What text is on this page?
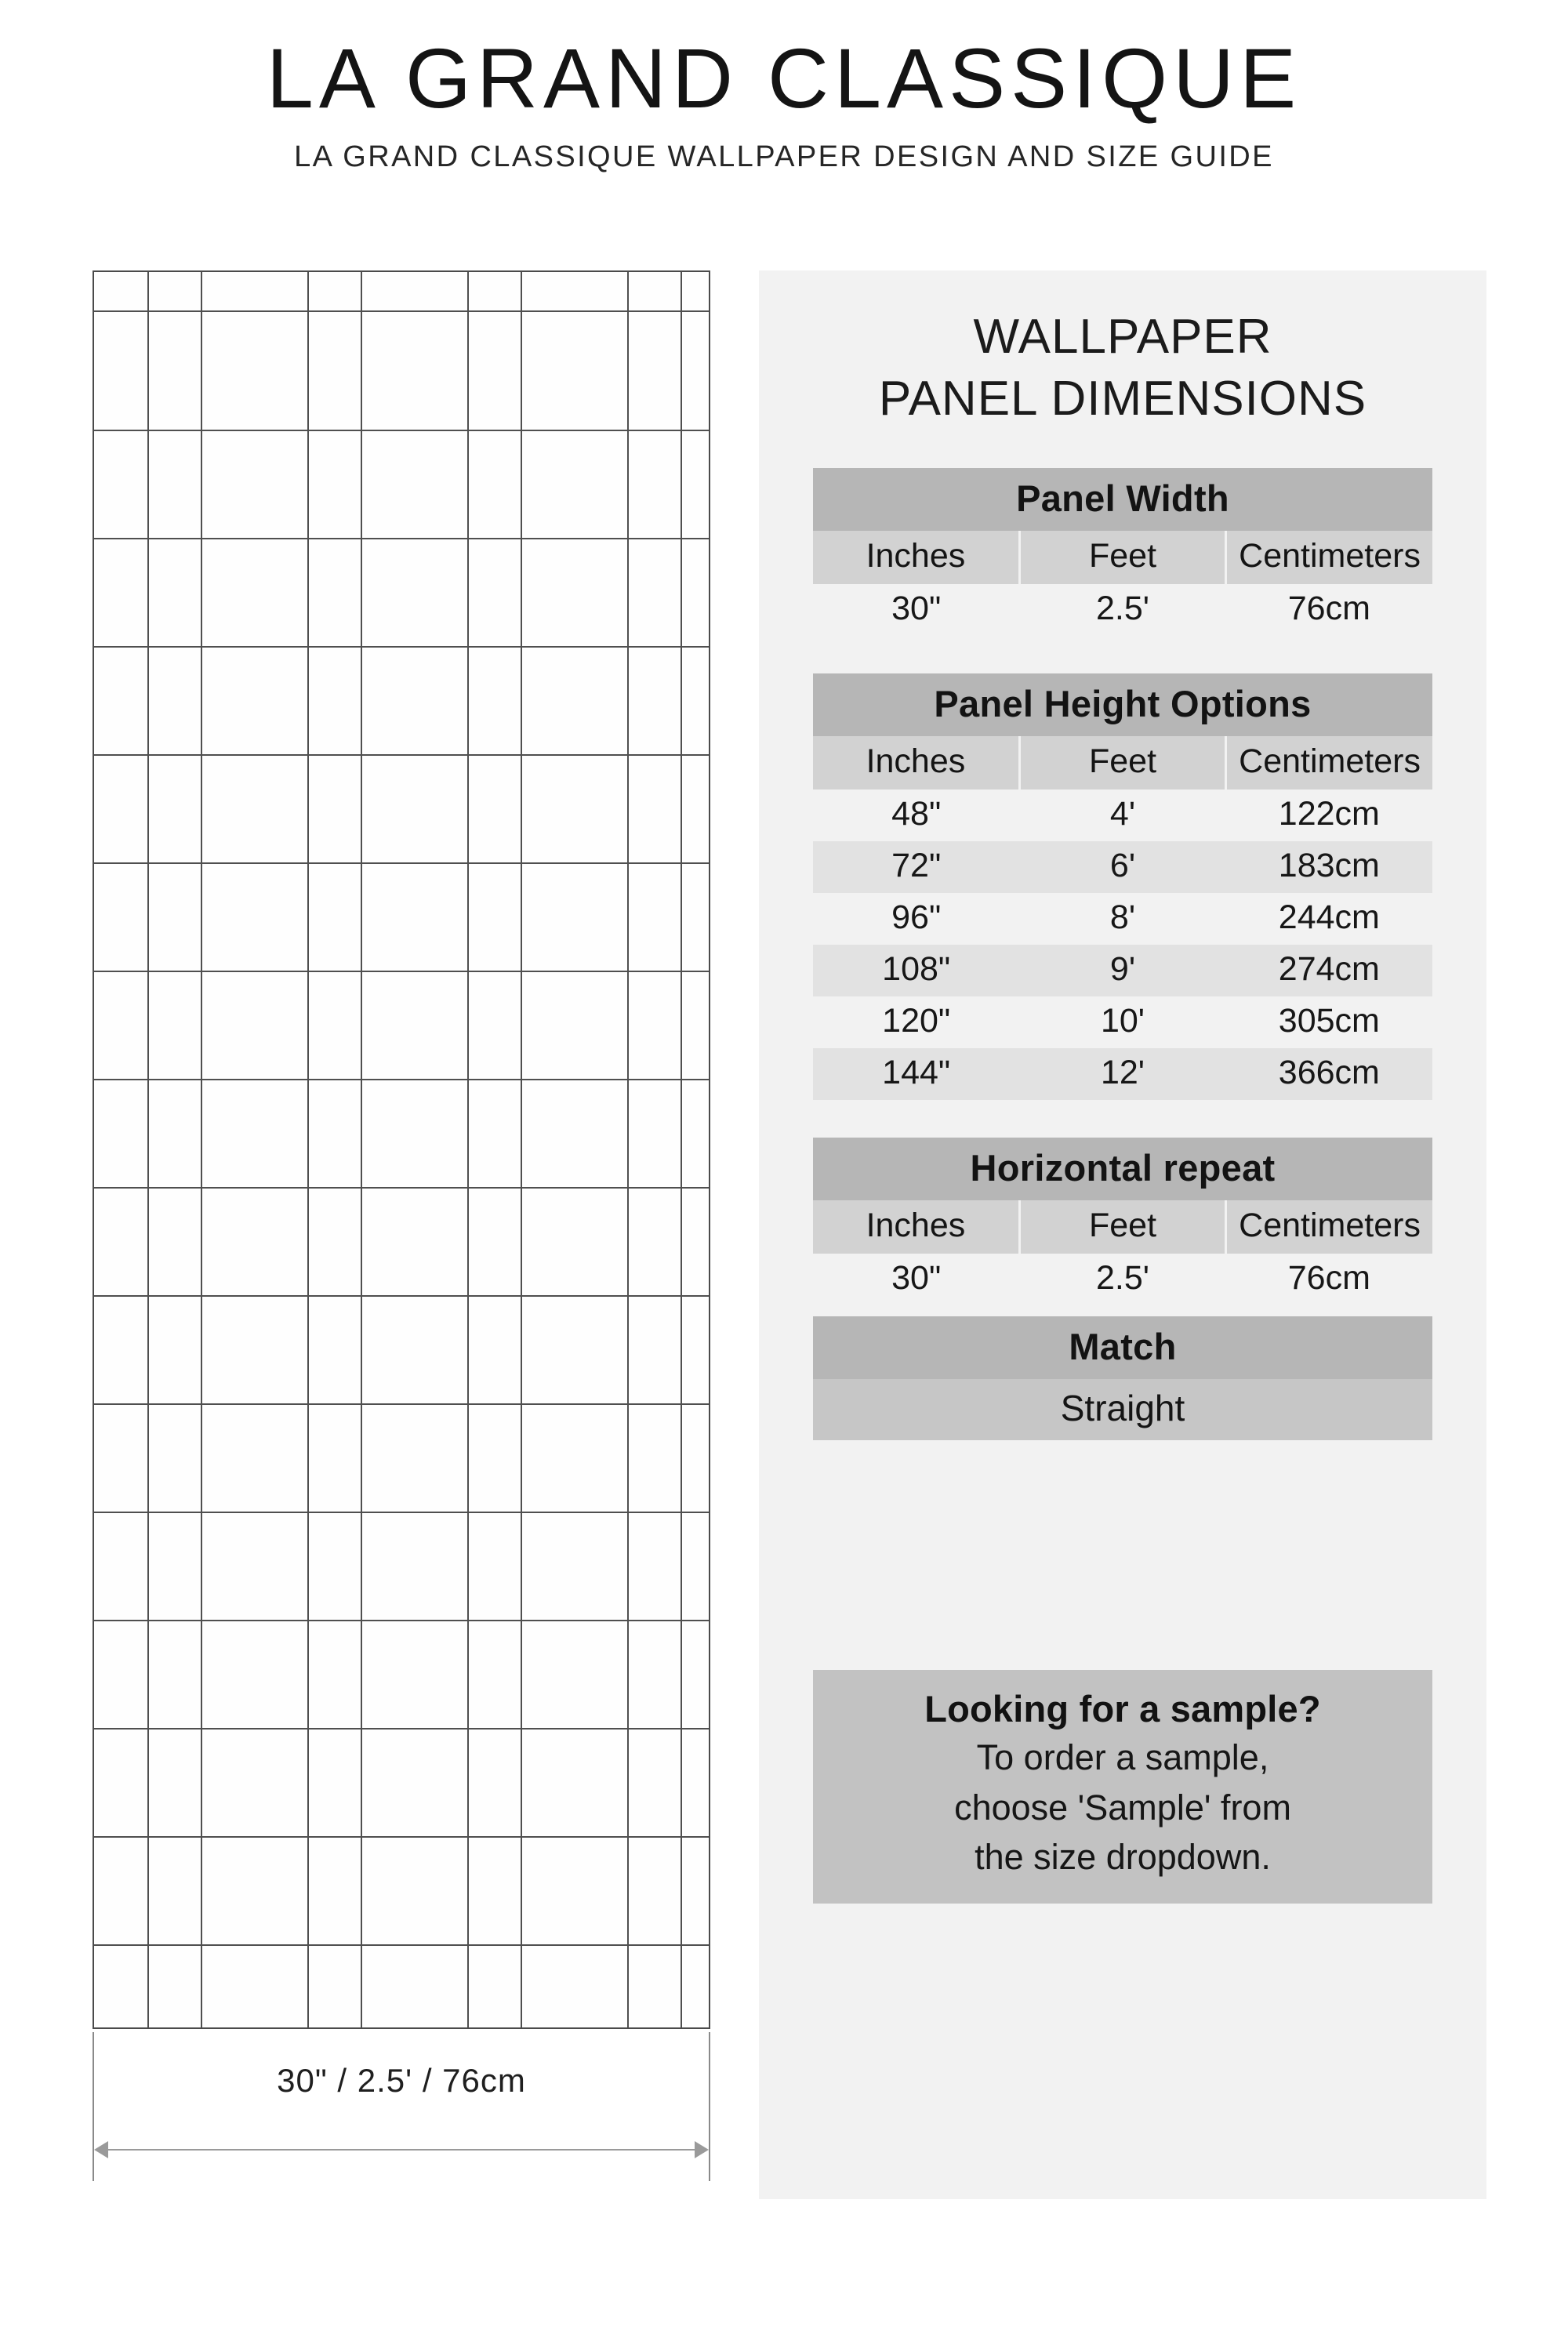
LA GRAND CLASSIQUE
LA GRAND CLASSIQUE WALLPAPER DESIGN AND SIZE GUIDE
30" / 2.5' / 76cm
WALLPAPER
PANEL DIMENSIONS
Panel Width		
Inches	Feet	Centimeters
30"	2.5'	76cm
Panel Height Options		
Inches	Feet	Centimeters
48"	4'	122cm
72"	6'	183cm
96"	8'	244cm
108"	9'	274cm
120"	10'	305cm
144"	12'	366cm
Horizontal repeat		
Inches	Feet	Centimeters
30"	2.5'	76cm
Match
Straight
Looking for a sample?
To order a sample,
choose 'Sample' from
the size dropdown.
